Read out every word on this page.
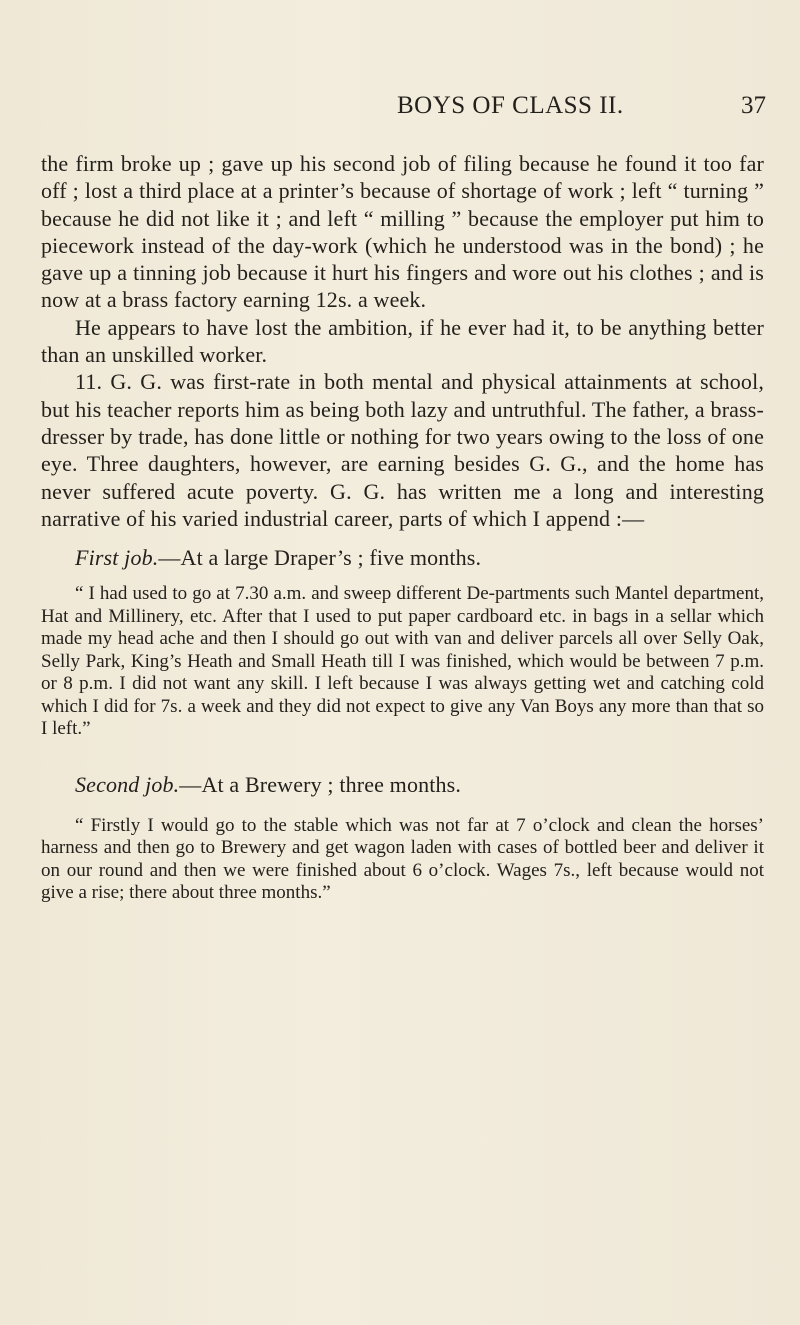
BOYS OF CLASS II.	37

the firm broke up ; gave up his second job of filing because he found it too far off ; lost a third place at a printer’s because of shortage of work ; left “ turning ” because he did not like it ; and left “ milling ” because the employer put him to piecework instead of the day-work (which he understood was in the bond) ; he gave up a tinning job because it hurt his fingers and wore out his clothes ; and is now at a brass factory earning 12s. a week.

He appears to have lost the ambition, if he ever had it, to be anything better than an unskilled worker.

11. G. G. was first-rate in both mental and physical attainments at school, but his teacher reports him as being both lazy and untruthful. The father, a brass-dresser by trade, has done little or nothing for two years owing to the loss of one eye. Three daughters, however, are earning besides G. G., and the home has never suffered acute poverty. G. G. has written me a long and interesting narrative of his varied industrial career, parts of which I append :—

First job.—At a large Draper’s ; five months.

“ I had used to go at 7.30 a.m. and sweep different De-partments such Mantel department, Hat and Millinery, etc. After that I used to put paper cardboard etc. in bags in a sellar which made my head ache and then I should go out with van and deliver parcels all over Selly Oak, Selly Park, King’s Heath and Small Heath till I was finished, which would be between 7 p.m. or 8 p.m. I did not want any skill. I left because I was always getting wet and catching cold which I did for 7s. a week and they did not expect to give any Van Boys any more than that so I left.”

Second job.—At a Brewery ; three months.

“ Firstly I would go to the stable which was not far at 7 o’clock and clean the horses’ harness and then go to Brewery and get wagon laden with cases of bottled beer and deliver it on our round and then we were finished about 6 o’clock. Wages 7s., left because would not give a rise; there about three months.”
